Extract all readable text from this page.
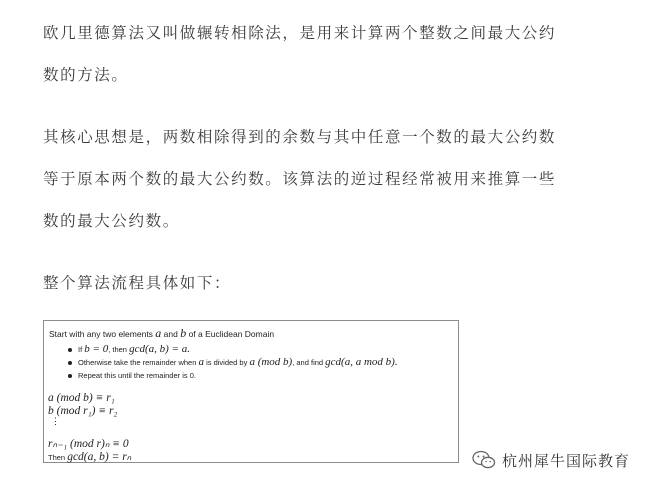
欧几里德算法又叫做辗转相除法，是用来计算两个整数之间最大公约
数的方法。
其核心思想是，两数相除得到的余数与其中任意一个数的最大公约数
等于原本两个数的最大公约数。该算法的逆过程经常被用来推算一些
数的最大公约数。
整个算法流程具体如下：
Start with any two elements a and b of a Euclidean Domain
If b = 0, then gcd(a, b) = a.
Otherwise take the remainder when a is divided by a (mod b), and find gcd(a, a mod b).
Repeat this until the remainder is 0.
a (mod b) ≡ r₁
b (mod r₁) ≡ r₂
⋮
rₙ₋₁ (mod r)ₙ ≡ 0
Then gcd(a, b) = rₙ	杭州犀牛国际教育
